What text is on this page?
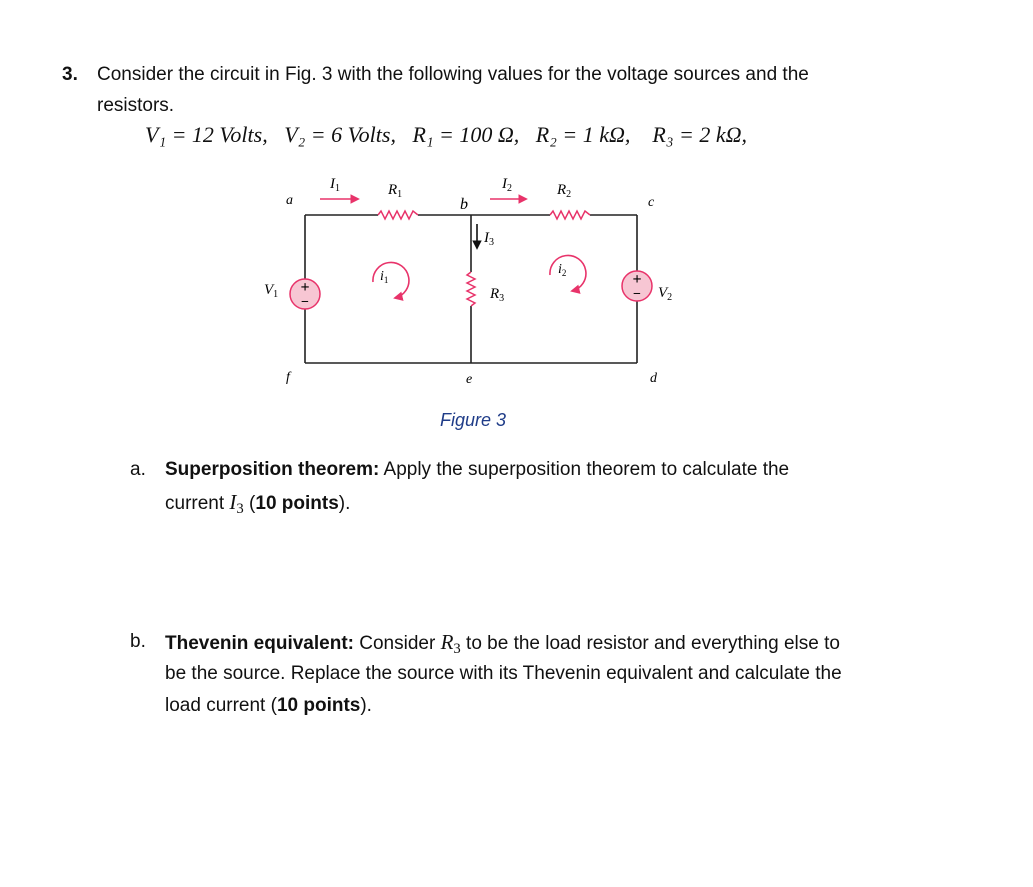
3. Consider the circuit in Fig. 3 with the following values for the voltage sources and the
resistors.
V₁ = 12 Volts, V₂ = 6 Volts, R₁ = 100 Ω, R₂ = 1 kΩ, R₃ = 2 kΩ,
+
−
+
−
a	b	c
d
e
f
$I_1$	$I_2$
$I_3$
$R_1$	$R_2$
$R_3$
$V_1$	$V_2$
$i_1$
$i_2$
Figure 3
a. Superposition theorem: Apply the superposition theorem to calculate the
current $I_3$ (10 points).
b. Thevenin equivalent: Consider $R_3$ to be the load resistor and everything else to
be the source. Replace the source with its Thevenin equivalent and calculate the
load current (10 points).
